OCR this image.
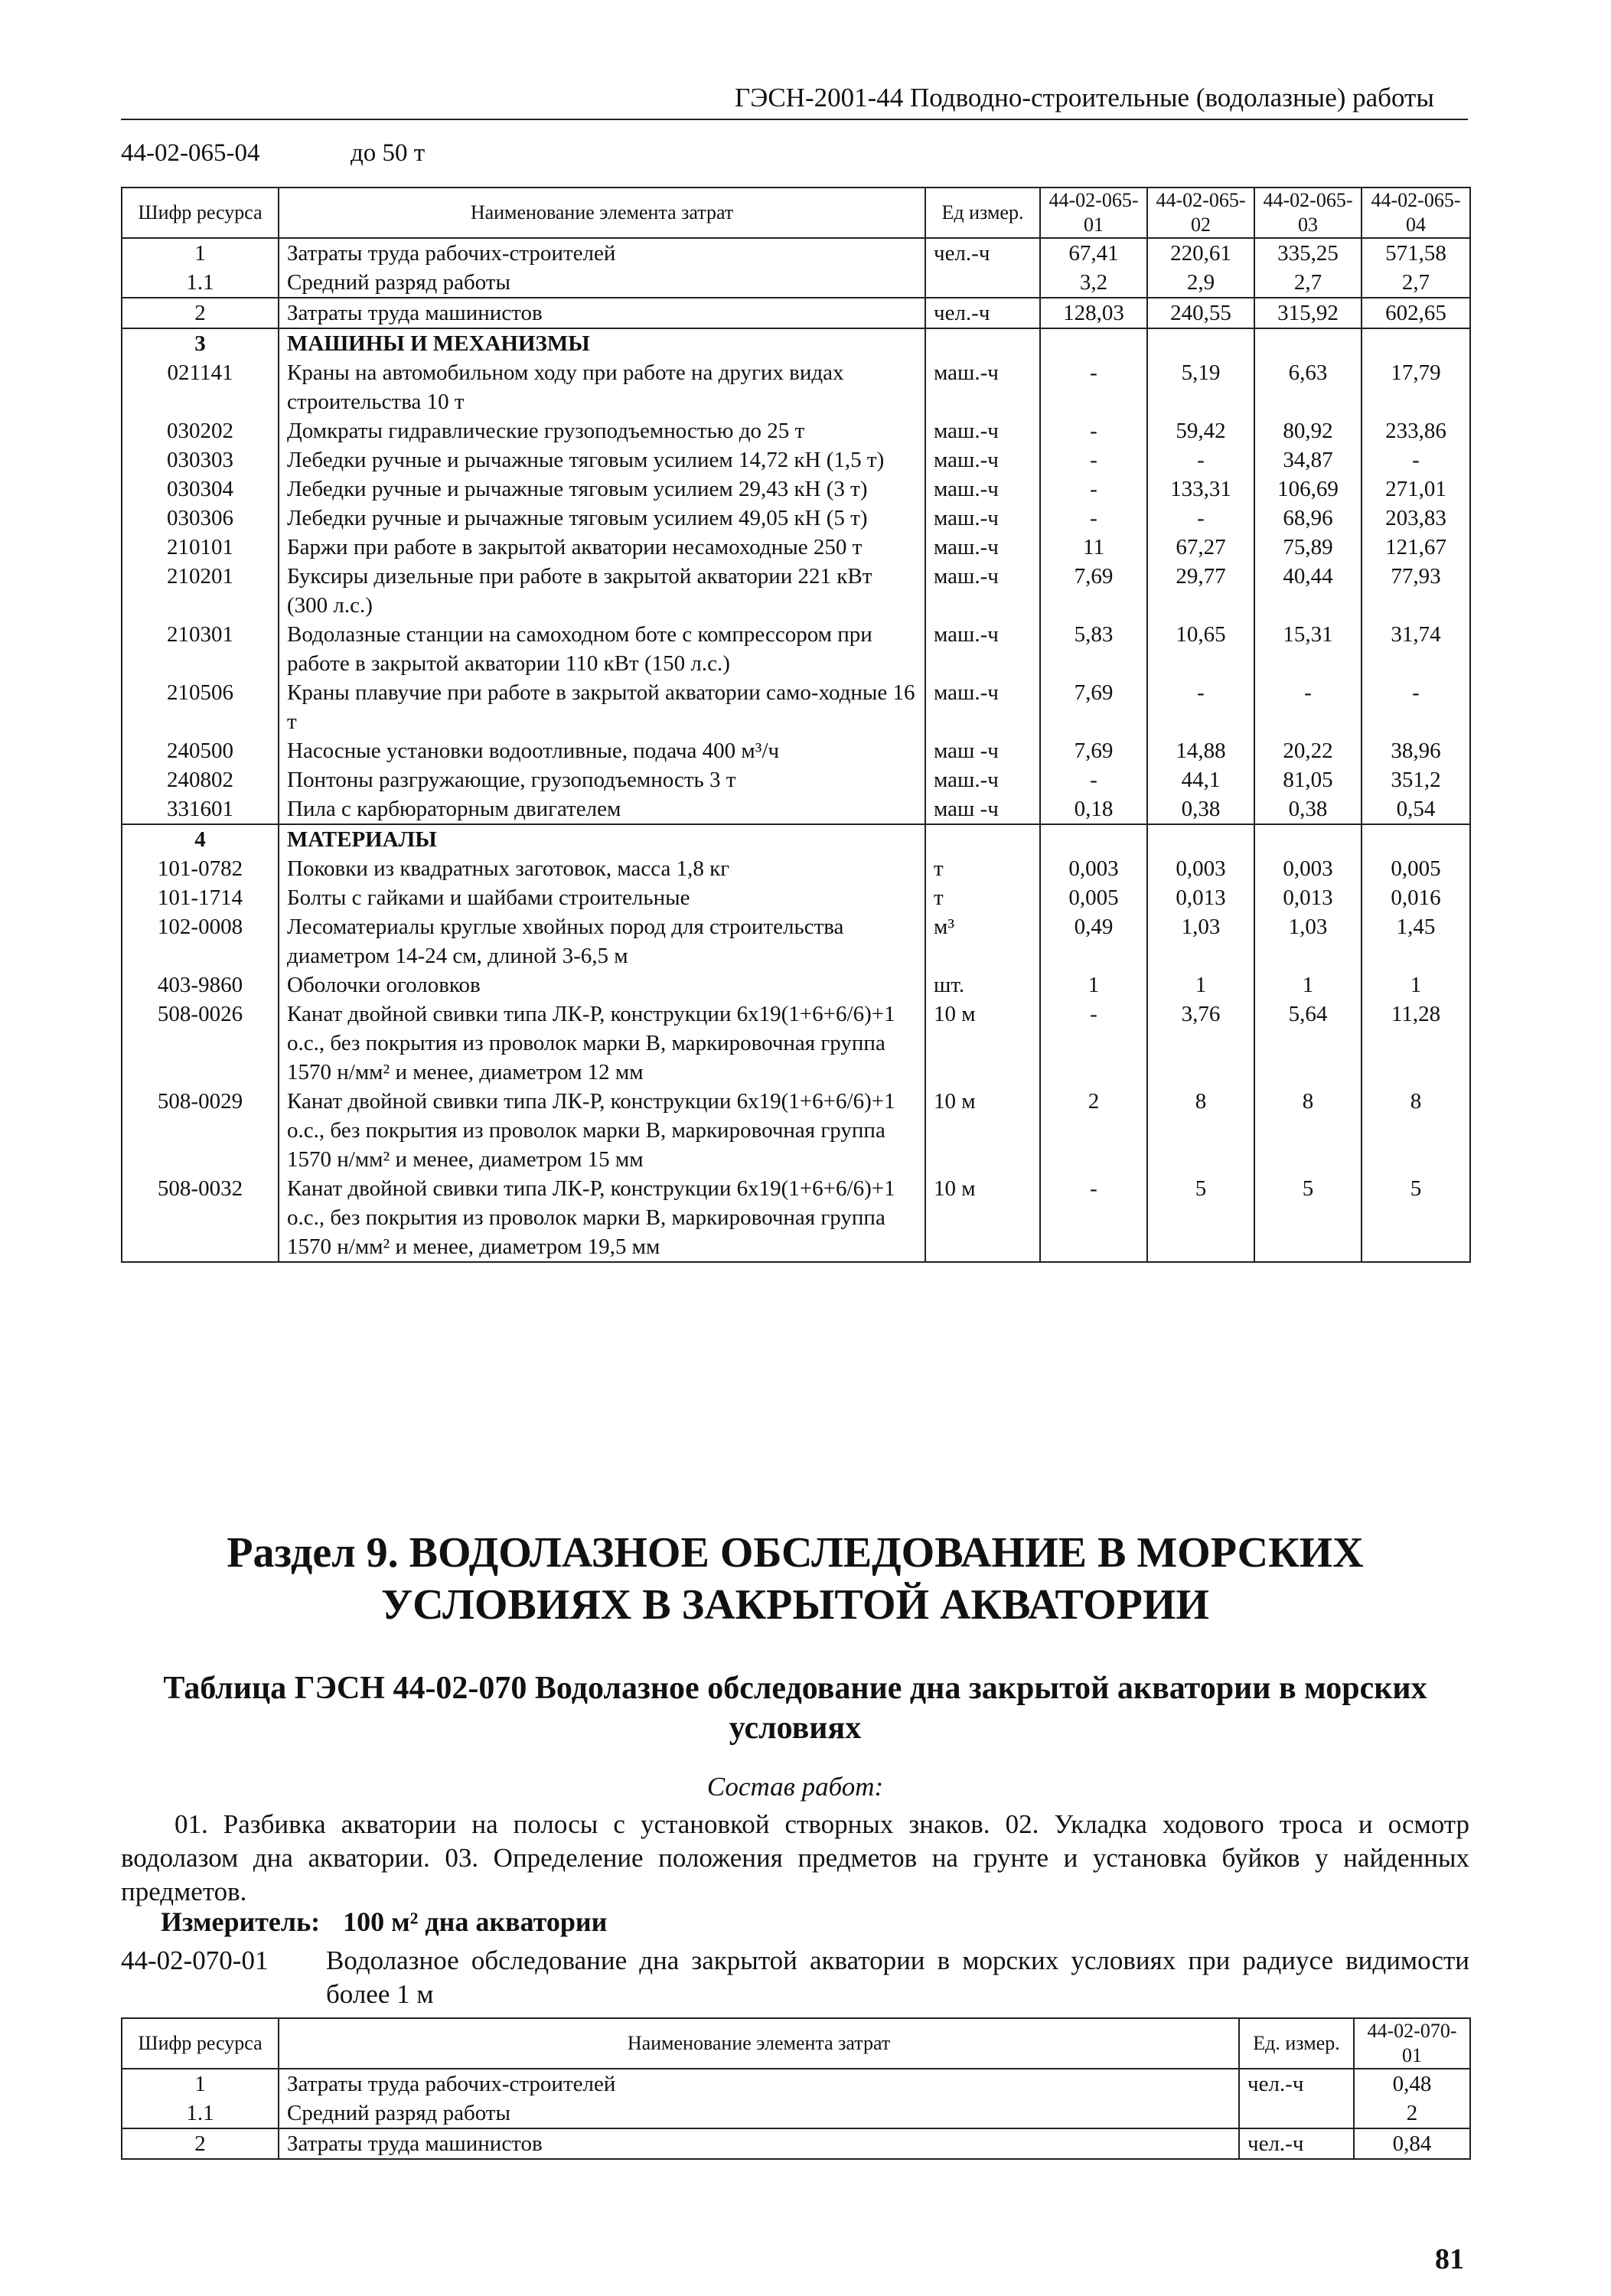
ГЭСН-2001-44 Подводно-строительные (водолазные) работы
44-02-065-04	до 50 т
Шифр ресурса	Наименование элемента затрат	Ед измер.	44-02-065-01	44-02-065-02	44-02-065-03	44-02-065-04
1	Затраты труда рабочих-строителей	чел.-ч	67,41	220,61	335,25	571,58
1.1	Средний разряд работы		3,2	2,9	2,7	2,7
2	Затраты труда машинистов	чел.-ч	128,03	240,55	315,92	602,65
3	МАШИНЫ И МЕХАНИЗМЫ					
021141	Краны на автомобильном ходу при работе на других видах строительства 10 т	маш.-ч	-	5,19	6,63	17,79
030202	Домкраты гидравлические грузоподъемностью до 25 т	маш.-ч	-	59,42	80,92	233,86
030303	Лебедки ручные и рычажные тяговым усилием 14,72 кН (1,5 т)	маш.-ч	-	-	34,87	-
030304	Лебедки ручные и рычажные тяговым усилием 29,43 кН (3 т)	маш.-ч	-	133,31	106,69	271,01
030306	Лебедки ручные и рычажные тяговым усилием 49,05 кН (5 т)	маш.-ч	-	-	68,96	203,83
210101	Баржи при работе в закрытой акватории несамоходные 250 т	маш.-ч	11	67,27	75,89	121,67
210201	Буксиры дизельные при работе в закрытой акватории 221 кВт (300 л.с.)	маш.-ч	7,69	29,77	40,44	77,93
210301	Водолазные станции на самоходном боте с компрессором при работе в закрытой акватории 110 кВт (150 л.с.)	маш.-ч	5,83	10,65	15,31	31,74
210506	Краны плавучие при работе в закрытой акватории само-ходные 16 т	маш.-ч	7,69	-	-	-
240500	Насосные установки водоотливные, подача 400 м³/ч	маш -ч	7,69	14,88	20,22	38,96
240802	Понтоны разгружающие, грузоподъемность 3 т	маш.-ч	-	44,1	81,05	351,2
331601	Пила с карбюраторным двигателем	маш -ч	0,18	0,38	0,38	0,54
4	МАТЕРИАЛЫ					
101-0782	Поковки из квадратных заготовок, масса 1,8 кг	т	0,003	0,003	0,003	0,005
101-1714	Болты с гайками и шайбами строительные	т	0,005	0,013	0,013	0,016
102-0008	Лесоматериалы круглые хвойных пород для строительства диаметром 14-24 см, длиной 3-6,5 м	м³	0,49	1,03	1,03	1,45
403-9860	Оболочки оголовков	шт.	1	1	1	1
508-0026	Канат двойной свивки типа ЛК-Р, конструкции 6x19(1+6+6/6)+1 о.с., без покрытия из проволок марки В, маркировочная группа 1570 н/мм² и менее, диаметром 12 мм	10 м	-	3,76	5,64	11,28
508-0029	Канат двойной свивки типа ЛК-Р, конструкции 6x19(1+6+6/6)+1 о.с., без покрытия из проволок марки В, маркировочная группа 1570 н/мм² и менее, диаметром 15 мм	10 м	2	8	8	8
508-0032	Канат двойной свивки типа ЛК-Р, конструкции 6x19(1+6+6/6)+1 о.с., без покрытия из проволок марки В, маркировочная группа 1570 н/мм² и менее, диаметром 19,5 мм	10 м	-	5	5	5
Раздел 9. ВОДОЛАЗНОЕ ОБСЛЕДОВАНИЕ В МОРСКИХ УСЛОВИЯХ В ЗАКРЫТОЙ АКВАТОРИИ
Таблица ГЭСН 44-02-070 Водолазное обследование дна закрытой акватории в морских условиях
Состав работ:
01. Разбивка акватории на полосы с установкой створных знаков. 02. Укладка ходового троса и осмотр водолазом дна акватории. 03. Определение положения предметов на грунте и установка буйков у найденных предметов.
Измеритель: 100 м² дна акватории
44-02-070-01 Водолазное обследование дна закрытой акватории в морских условиях при радиусе видимости более 1 м
Шифр ресурса	Наименование элемента затрат	Ед. измер.	44-02-070-01
1	Затраты труда рабочих-строителей	чел.-ч	0,48
1.1	Средний разряд работы		2
2	Затраты труда машинистов	чел.-ч	0,84
81
